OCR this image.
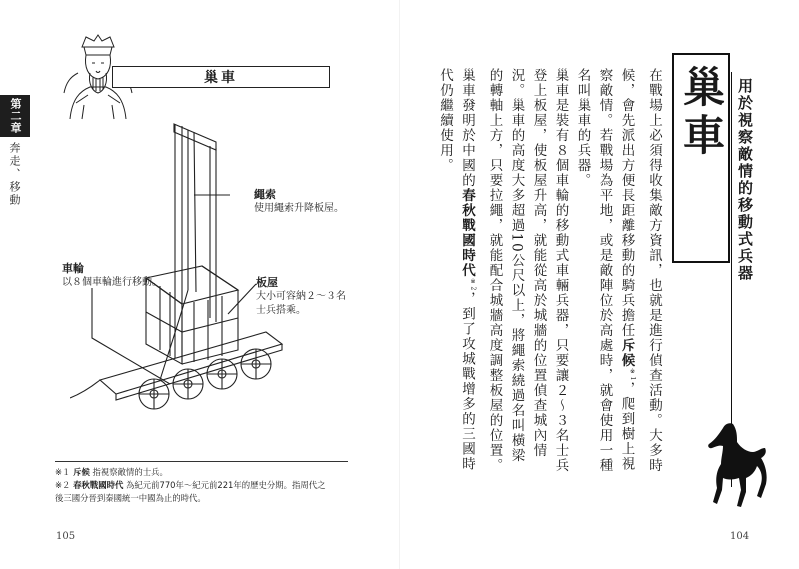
第二章
奔走、移動
巢車
繩索
使用繩索升降板屋。
車輪
以８個車輪進行移動。	板屋
大小可容納２〜３名
士兵搭乘。
※１ 斥候 指視察敵情的士兵。
※２ 春秋戰國時代 為紀元前770年〜紀元前221年的歷史分期。指周代之
後三國分晉到秦國統一中國為止的時代。
105
巢車 用於視察敵情的移動式兵器

在戰場上必須得收集敵方資訊，也就是進行偵查活動。大多時候，會先派出方便長距離移動的騎兵擔任斥候$^{※1}$，爬到樹上視察敵情。若戰場為平地，或是敵陣位於高處時，就會使用一種名叫巢車的兵器。

巢車是裝有８個車輪的移動式車輛兵器，只要讓２～３名士兵登上板屋，使板屋升高，就能從高於城牆的位置偵查城內情況。巢車的高度大多超過10公尺以上，將繩索繞過名叫橫梁的轉軸上方，只要拉繩，就能配合城牆高度調整板屋的位置。

巢車發明於中國的春秋戰國時代$^{※2}$，到了攻城戰增多的三國時代仍繼續使用。

104
